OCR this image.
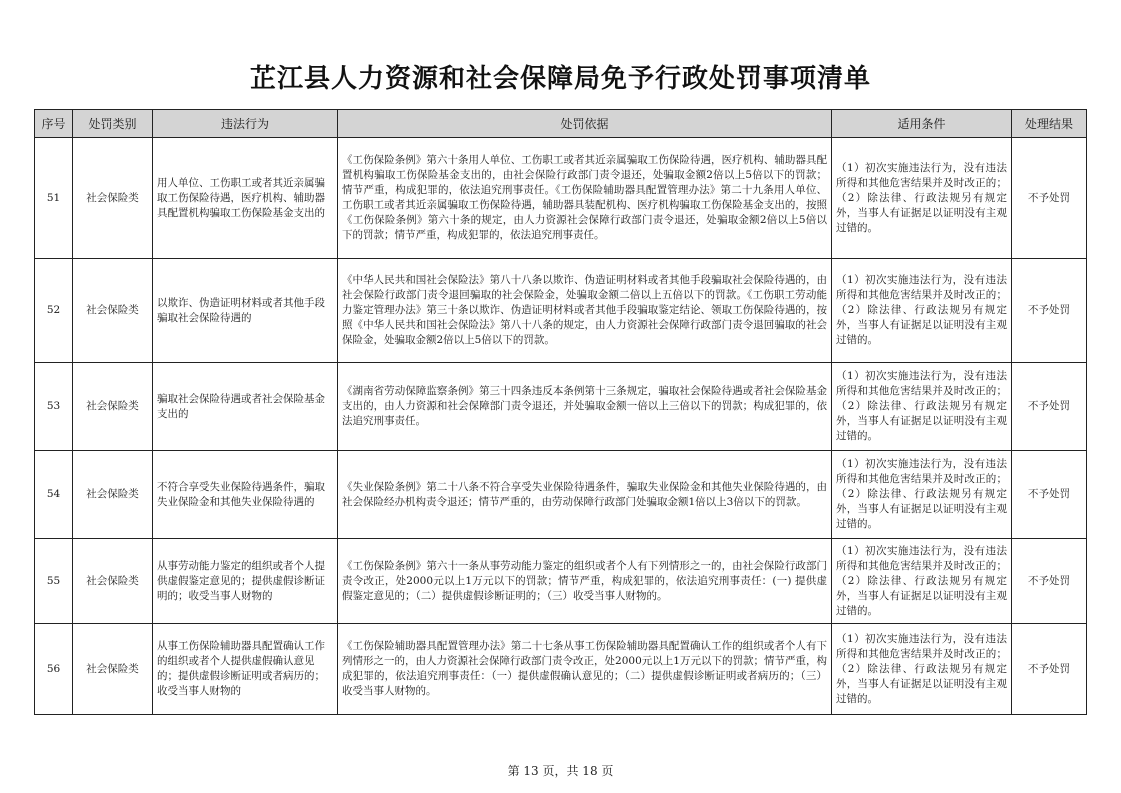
芷江县人力资源和社会保障局免予行政处罚事项清单
序号	处罚类别	违法行为	处罚依据	适用条件	处理结果
51	社会保险类	用人单位、工伤职工或者其近亲属骗取工伤保险待遇，医疗机构、辅助器具配置机构骗取工伤保险基金支出的	《工伤保险条例》第六十条用人单位、工伤职工或者其近亲属骗取工伤保险待遇，医疗机构、辅助器具配置机构骗取工伤保险基金支出的，由社会保险行政部门责令退还，处骗取金额2倍以上5倍以下的罚款；情节严重，构成犯罪的，依法追究刑事责任。《工伤保险辅助器具配置管理办法》第二十九条用人单位、工伤职工或者其近亲属骗取工伤保险待遇，辅助器具装配机构、医疗机构骗取工伤保险基金支出的，按照《工伤保险条例》第六十条的规定，由人力资源社会保障行政部门责令退还，处骗取金额2倍以上5倍以下的罚款；情节严重，构成犯罪的，依法追究刑事责任。	（1）初次实施违法行为，没有违法所得和其他危害结果并及时改正的；（2）除法律、行政法规另有规定外，当事人有证据足以证明没有主观过错的。	不予处罚
52	社会保险类	以欺诈、伪造证明材料或者其他手段骗取社会保险待遇的	《中华人民共和国社会保险法》第八十八条以欺诈、伪造证明材料或者其他手段骗取社会保险待遇的，由社会保险行政部门责令退回骗取的社会保险金，处骗取金额二倍以上五倍以下的罚款。《工伤职工劳动能力鉴定管理办法》第三十条以欺诈、伪造证明材料或者其他手段骗取鉴定结论、领取工伤保险待遇的，按照《中华人民共和国社会保险法》第八十八条的规定，由人力资源社会保障行政部门责令退回骗取的社会保险金，处骗取金额2倍以上5倍以下的罚款。	（1）初次实施违法行为，没有违法所得和其他危害结果并及时改正的；（2）除法律、行政法规另有规定外，当事人有证据足以证明没有主观过错的。	不予处罚
53	社会保险类	骗取社会保险待遇或者社会保险基金支出的	《湖南省劳动保障监察条例》第三十四条违反本条例第十三条规定，骗取社会保险待遇或者社会保险基金支出的，由人力资源和社会保障部门责令退还，并处骗取金额一倍以上三倍以下的罚款；构成犯罪的，依法追究刑事责任。	（1）初次实施违法行为，没有违法所得和其他危害结果并及时改正的；（2）除法律、行政法规另有规定外，当事人有证据足以证明没有主观过错的。	不予处罚
54	社会保险类	不符合享受失业保险待遇条件，骗取失业保险金和其他失业保险待遇的	《失业保险条例》第二十八条不符合享受失业保险待遇条件，骗取失业保险金和其他失业保险待遇的，由社会保险经办机构责令退还；情节严重的，由劳动保障行政部门处骗取金额1倍以上3倍以下的罚款。	（1）初次实施违法行为，没有违法所得和其他危害结果并及时改正的；（2）除法律、行政法规另有规定外，当事人有证据足以证明没有主观过错的。	不予处罚
55	社会保险类	从事劳动能力鉴定的组织或者个人提供虚假鉴定意见的；提供虚假诊断证明的；收受当事人财物的	《工伤保险条例》第六十一条从事劳动能力鉴定的组织或者个人有下列情形之一的，由社会保险行政部门责令改正，处2000元以上1万元以下的罚款；情节严重，构成犯罪的，依法追究刑事责任：(一) 提供虚假鉴定意见的；（二）提供虚假诊断证明的；（三）收受当事人财物的。	（1）初次实施违法行为，没有违法所得和其他危害结果并及时改正的；（2）除法律、行政法规另有规定外，当事人有证据足以证明没有主观过错的。	不予处罚
56	社会保险类	从事工伤保险辅助器具配置确认工作的组织或者个人提供虚假确认意见的；提供虚假诊断证明或者病历的；收受当事人财物的	《工伤保险辅助器具配置管理办法》第二十七条从事工伤保险辅助器具配置确认工作的组织或者个人有下列情形之一的，由人力资源社会保障行政部门责令改正，处2000元以上1万元以下的罚款；情节严重，构成犯罪的，依法追究刑事责任：（一）提供虚假确认意见的；（二）提供虚假诊断证明或者病历的；（三）收受当事人财物的。	（1）初次实施违法行为，没有违法所得和其他危害结果并及时改正的；（2）除法律、行政法规另有规定外，当事人有证据足以证明没有主观过错的。	不予处罚
第 13 页，共 18 页
